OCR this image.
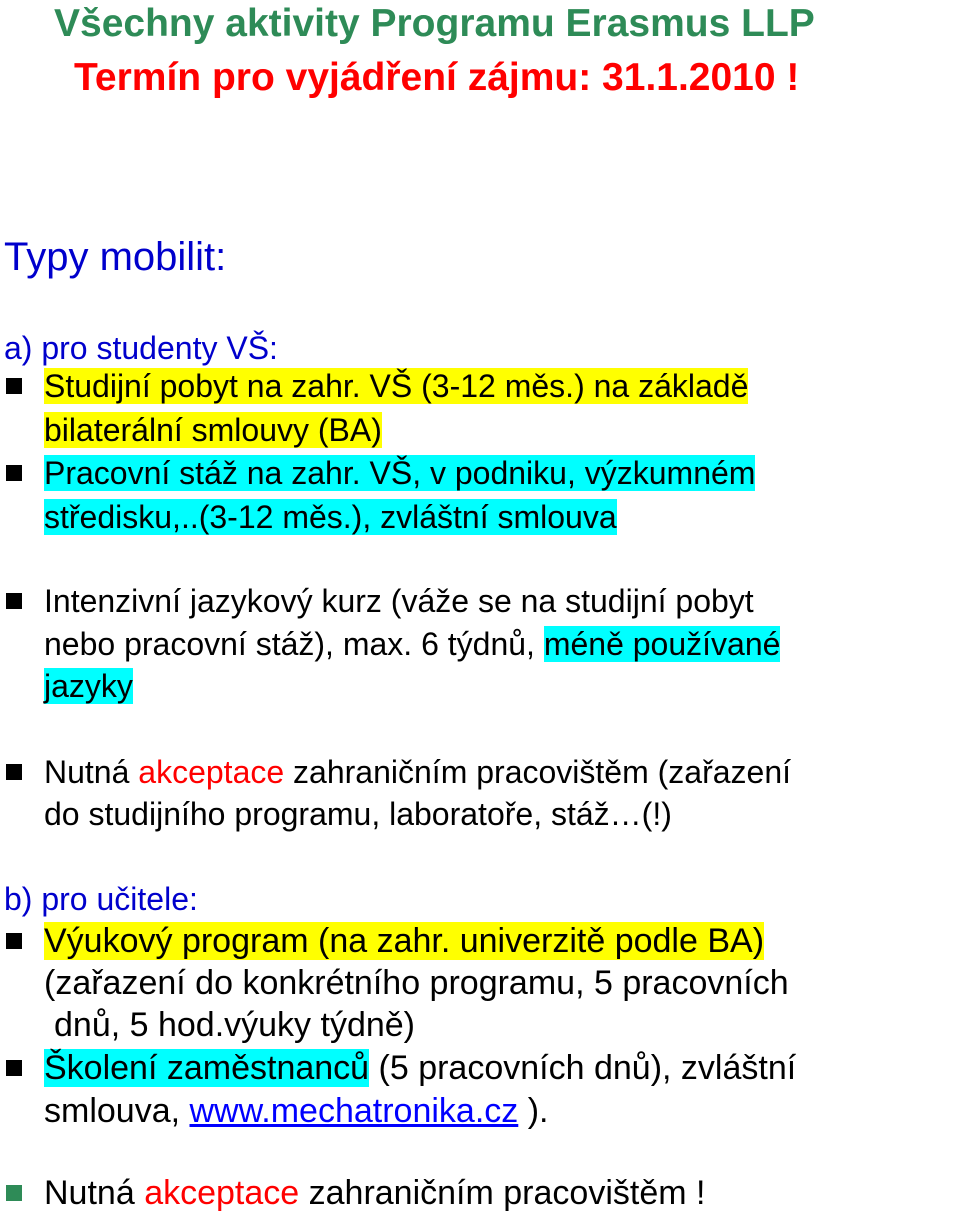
Všechny aktivity Programu Erasmus LLP
Termín pro vyjádření zájmu: 31.1.2010 !
Typy mobilit:
a) pro studenty VŠ:
Studijní pobyt na zahr. VŠ (3-12 měs.) na základě
bilaterální smlouvy (BA)
Pracovní stáž na zahr. VŠ, v podniku, výzkumném
středisku,..(3-12 měs.), zvláštní smlouva
Intenzivní jazykový kurz (váže se na studijní pobyt
nebo pracovní stáž), max. 6 týdnů, méně používané
jazyky
Nutná akceptace zahraničním pracovištěm (zařazení
do studijního programu, laboratoře, stáž…(!)
b) pro učitele:
Výukový program (na zahr. univerzitě podle BA)
(zařazení do konkrétního programu, 5 pracovních
dnů, 5 hod.výuky týdně)
Školení zaměstnanců (5 pracovních dnů), zvláštní
smlouva, www.mechatronika.cz ).
Nutná akceptace zahraničním pracovištěm !
